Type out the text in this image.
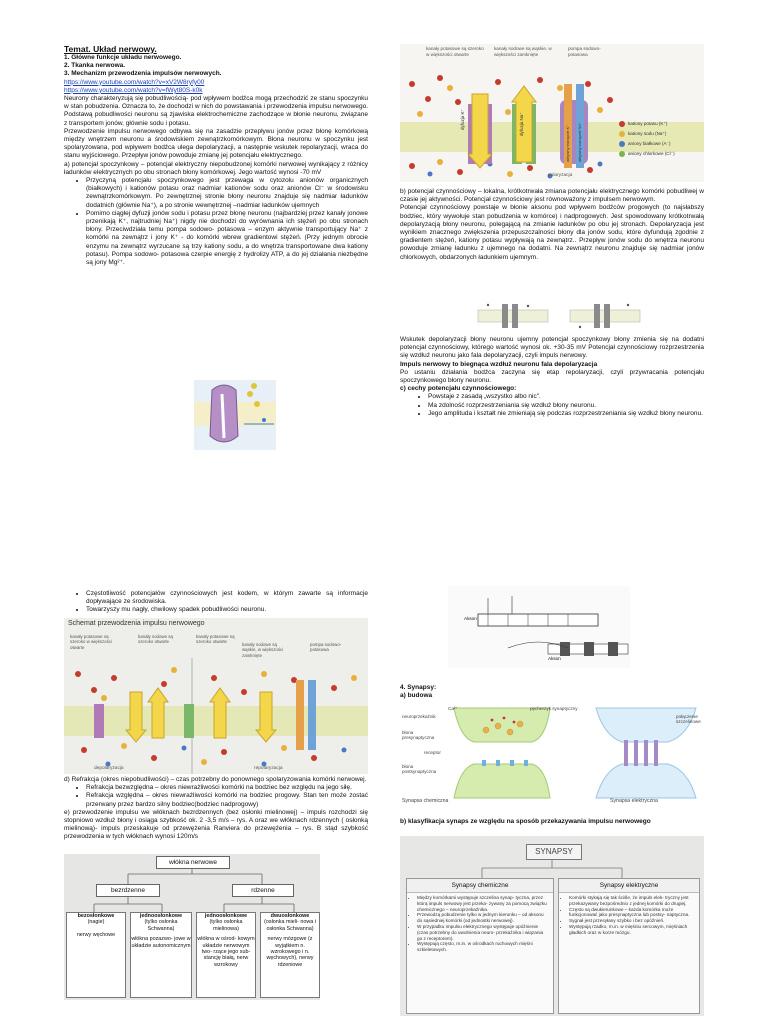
Temat. Układ nerwowy.

1. Główne funkcje układu nerwowego.

2. Tkanka nerwowa.

3. Mechanizm przewodzenia impulsów nerwowych.

https://www.youtube.com/watch?v=xV2W8ryfy00
https://www.youtube.com/watch?v=fWyt80S-k0k

Neurony charakteryzują się pobudliwością- pod wpływem bodźca mogą przechodzić ze stanu spoczynku w stan pobudzenia. Oznacza to, że dochodzi w nich do powstawania i przewodzenia impulsu nerwowego. Podstawą pobudliwości neuronu są zjawiska elektrochemiczne zachodzące w błonie neuronu, związane z transportem jonów, głównie sodu i potasu.

Przewodzenie impulsu nerwowego odbywa się na zasadzie przepływu jonów przez błonę komórkową między wnętrzem neuronu a środowiskiem zewnątrzkomórkowym. Błona neuronu w spoczynku jest spolaryzowana, pod wpływem bodźca ulega depolaryzacji, a następnie wskutek repolaryzacji, wraca do stanu wyjściowego. Przepływ jonów powoduje zmianę jej potencjału elektrycznego.

a) potencjał spoczynkowy – potencjał elektryczny niepobudzonej komórki nerwowej wynikający z różnicy ładunków elektrycznych po obu stronach błony komórkowej. Jego wartość wynosi -70 mV

• Przyczyną potencjału spoczynkowego jest przewaga w cytozolu anionów organicznych (białkowych) i kationów potasu oraz nadmiar kationów sodu oraz anionów Cl⁻ w środowisku zewnątrzkomórkowym. Po zewnętrznej stronie błony neuronu znajduje się nadmiar ładunków dodatnich (głównie Na⁺), a po stronie wewnętrznej –nadmiar ładunków ujemnych
• Pomimo ciągłej dyfuzji jonów sodu i potasu przez błonę neuronu (najbardziej przez kanały jonowe przenikają K⁺, najtrudniej Na⁺) nigdy nie dochodzi do wyrównania ich stężeń po obu stronach błony. Przeciwdziała temu pompa sodowo- potasowa – enzym aktywnie transportujący Na⁺ z komórki na zewnątrz i jony K⁺ - do komórki wbrew gradientowi stężeń. (Przy jednym obrocie enzymu na zewnątrz wyrzucane są trzy kationy sodu, a do wnętrza transportowane dwa kationy potasu). Pompa sodowo- potasowa czerpie energię z hydrolizy ATP, a do jej działania niezbędne są jony Mg²⁺.
kanały potasowe są szeroko w większości otwarte
kanały sodowe są wąskie, w większości zamknięte
pompa sodowo-potasowa
dyfuzja K⁺	dyfuzja Na⁺
aktywny transport K⁺ aktywny transport Na⁺	kationy potasu (K⁺)
kationy sodu (Na⁺)
aniony białkowe (A⁻)
aniony chlorkowe (Cl⁻)
polaryzacja

b) potencjał czynnościowy – lokalna, krótkotrwała zmiana potencjału elektrycznego komórki pobudliwej w czasie jej aktywności. Potencjał czynnościowy jest równoważony z impulsem nerwowym.

Potencjał czynnościowy powstaje w błonie aksonu pod wpływem bodźców progowych (to najsłabszy bodziec, który wywołuje stan pobudzenia w komórce) i nadprogowych. Jest spowodowany krótkotrwałą depolaryzacją błony neuronu, polegającą na zmianie ładunków po obu jej stronach. Depolaryzacja jest wynikiem znacznego zwiększenia przepuszczalności błony dla jonów sodu, które dyfundują zgodnie z gradientem stężeń, kationy potasu wypływają na zewnątrz.. Przepływ jonów sodu do wnętrza neuronu powoduje zmianę ładunku z ujemnego na dodatni. Na zewnątrz neuronu znajduje się nadmiar jonów chlorkowych, obdarzonych ładunkiem ujemnym.

Wskutek depolaryzacji błony neuronu ujemny potencjał spoczynkowy błony zmienia się na dodatni potencjał czynnościowy, którego wartość wynosi ok. +30-35 mV Potencjał czynnościowy rozprzestrzenia się wzdłuż neuronu jako fala depolaryzacji, czyli impuls nerwowy.

Impuls nerwowy to biegnąca wzdłuż neuronu fala depolaryzacja

Po ustaniu działania bodźca zaczyna się etap repolaryzacji, czyli przywracania potencjału spoczynkowego błony neuronu.

c) cechy potencjału czynnościowego:

• Powstaje z zasadą „wszystko albo nic".
• Ma zdolność rozprzestrzeniania się wzdłuż błony neuronu.
• Jego amplituda i kształt nie zmieniają się podczas rozprzestrzeniania się wzdłuż błony neuronu.
• Częstotliwość potencjałów czynnościowych jest kodem, w którym zawarte są informacje dopływające ze środowiska.
• Towarzyszy mu nagły, chwilowy spadek pobudliwości neuronu.
Schemat przewodzenia impulsu nerwowego
kanały potasowe są szeroko w większości otwarte
kanały sodowe są szeroko otwarte
kanały potasowe są szeroko otwarte
kanały sodowe są wąskie, w większości zamknięte
pompa sodowo-potasowa
depolaryzacja	repolaryzacja

d) Refrakcja (okres niepobudliwości) – czas potrzebny do ponownego spolaryzowania komórki nerwowej.

• Refrakcja bezwzględna – okres niewrażliwości komórki na bodziec bez względu na jego siłę.
• Refrakcja względna – okres niewrażliwości komórki na bodziec progowy. Stan ten może zostać przerwany przez bardzo silny bodziec(bodziec nadprogowy)

e) przewodzenie impulsu we włóknach bezrdzennych (bez osłonki mielinowej) – impuls rozchodzi się stopniowo wzdłuż błony i osiąga szybkość ok. 2 -3,5 m/s – rys. A oraz we włóknach rdzennych ( osłonką mielinową)- impuls przeskakuje od przewężenia Ranviera do przewężenia – rys. B stąd szybkość przewodzenia w tych włóknach wynosi 120m/s

włókna nerwowe
bezrdzenne	rdzenne
bezosłonkowe
(nagie)
nerwy węchowe
jednoosłonkowe
(tylko osłonka Schwanna)
włókna pozazwo- jowe w układzie autonomicznym
jednoosłonkowe
(tylko osłonka mielinowa)
włókna w ośrod- kowym układzie nerwowym two- rzące jego sub- stancję białą, nerw wzrokowy
dwuosłonkowe
(osłonka mieli- nowa i osłonka Schwanna)
nerwy mózgowe (z wyjątkiem n. wzrokowego i n. węchowych), nerwy rdzeniowe
Akson
Akson

4. Synapsy:

a) budowa

Ca²⁺
neuroprzekaźnik
pęcherzyk synaptyczny
błona presynaptyczna
receptor
błona postsynaptyczna
połączenie szczelinowe
Synapsa chemiczna	Synapsa elektryczna

b) klasyfikacja synaps ze względu na sposób przekazywania impulsu nerwowego

SYNAPSY
Synapsy chemiczne
• Między komórkami występuje szczelina synap- tyczna, przez którą impuls nerwowy jest przeka- zywany za pomocą związku chemicznego – neuroprzekaźnika.
• Przewodzą pobudzenie tylko w jednym kierunku – od aksonu do sąsiedniej komórki (od jednostki nerwowej).
• W przypadku impulsu elektrycznego występuje opóźnienie (czas potrzebny do uwolnienia neuro- przekaźnika i wiązania go z receptorem).
• Występują często, m.in. w ośrodkach ruchowych mięśni szkieletowych.
Synapsy elektryczne
• Komórki stykają się tak ściśle, że impuls elek- tryczny jest przekazywany bezpośrednio z jednej komórki do drugiej.
• Często są dwukierunkowe – każda komórka może funkcjonować jako presynaptyczna lub postsy- naptyczna.
• Sygnał jest przesyłany szybko i bez opóźnień.
• Występują rzadko, m.in. w mięśniu sercowym, mięśniach gładkich oraz w korze mózgu.
